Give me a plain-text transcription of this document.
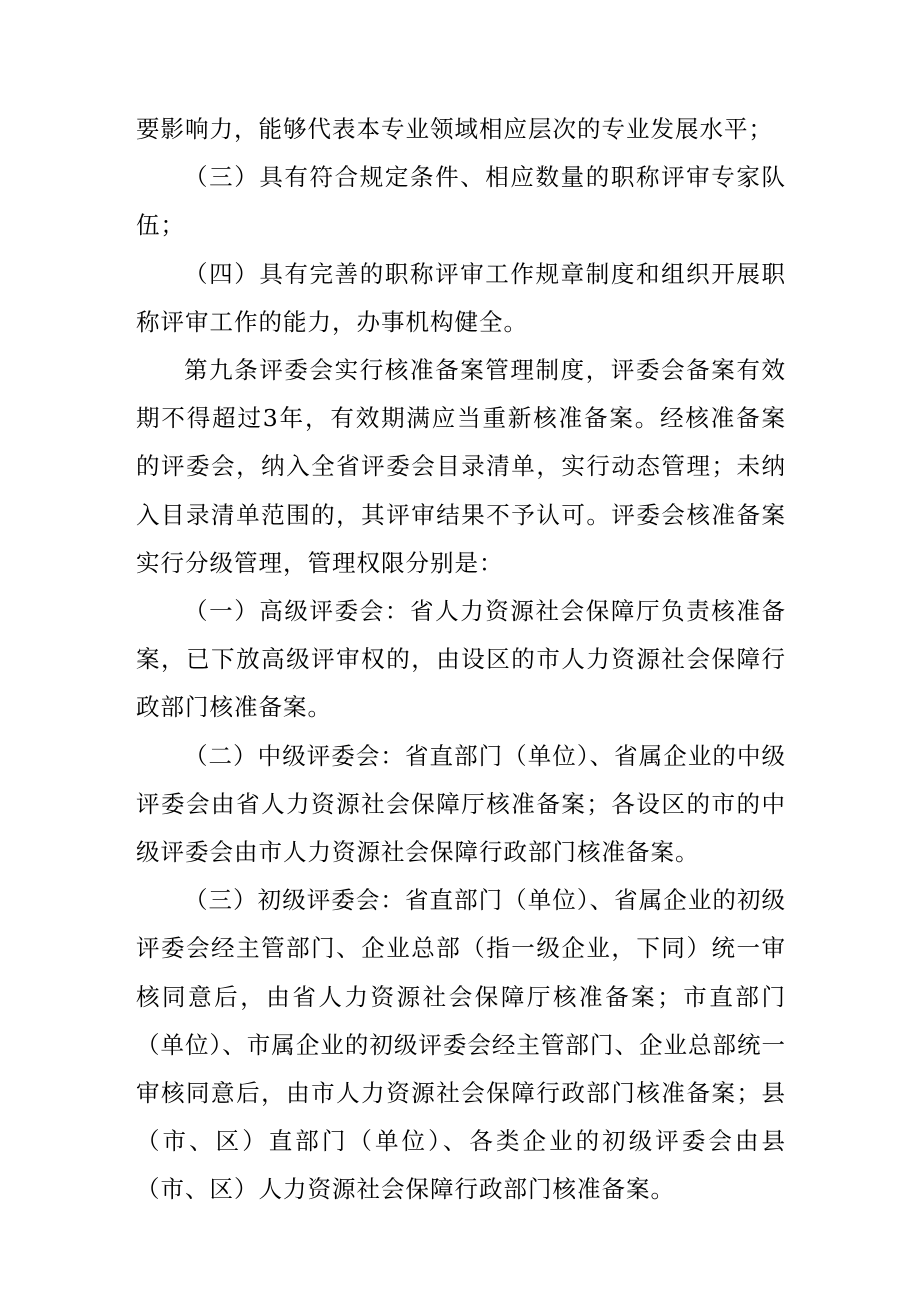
要影响力，能够代表本专业领域相应层次的专业发展水平；

（三）具有符合规定条件、相应数量的职称评审专家队伍；

（四）具有完善的职称评审工作规章制度和组织开展职称评审工作的能力，办事机构健全。

第九条评委会实行核准备案管理制度，评委会备案有效期不得超过3年，有效期满应当重新核准备案。经核准备案的评委会，纳入全省评委会目录清单，实行动态管理；未纳入目录清单范围的，其评审结果不予认可。评委会核准备案实行分级管理，管理权限分别是：

（一）高级评委会：省人力资源社会保障厅负责核准备案，已下放高级评审权的，由设区的市人力资源社会保障行政部门核准备案。

（二）中级评委会：省直部门（单位）、省属企业的中级评委会由省人力资源社会保障厅核准备案；各设区的市的中级评委会由市人力资源社会保障行政部门核准备案。

（三）初级评委会：省直部门（单位）、省属企业的初级评委会经主管部门、企业总部（指一级企业，下同）统一审核同意后，由省人力资源社会保障厅核准备案；市直部门（单位）、市属企业的初级评委会经主管部门、企业总部统一审核同意后，由市人力资源社会保障行政部门核准备案；县（市、区）直部门（单位）、各类企业的初级评委会由县（市、区）人力资源社会保障行政部门核准备案。
